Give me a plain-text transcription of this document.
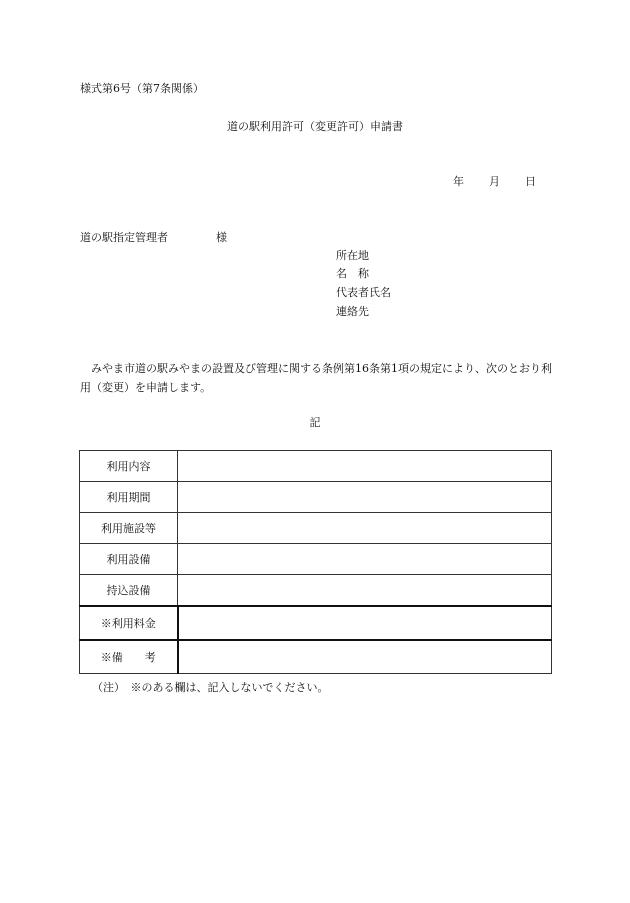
様式第6号（第7条関係）
道の駅利用許可（変更許可）申請書
年 月 日
道の駅指定管理者	様
所在地
名　称
代表者氏名
連絡先
みやま市道の駅みやまの設置及び管理に関する条例第16条第1項の規定により、次のとおり利用（変更）を申請します。
記
利用内容	
利用期間	
利用施設等	
利用設備	
持込設備	
※利用料金	
※備　　考	
（注）　※のある欄は、記入しないでください。
